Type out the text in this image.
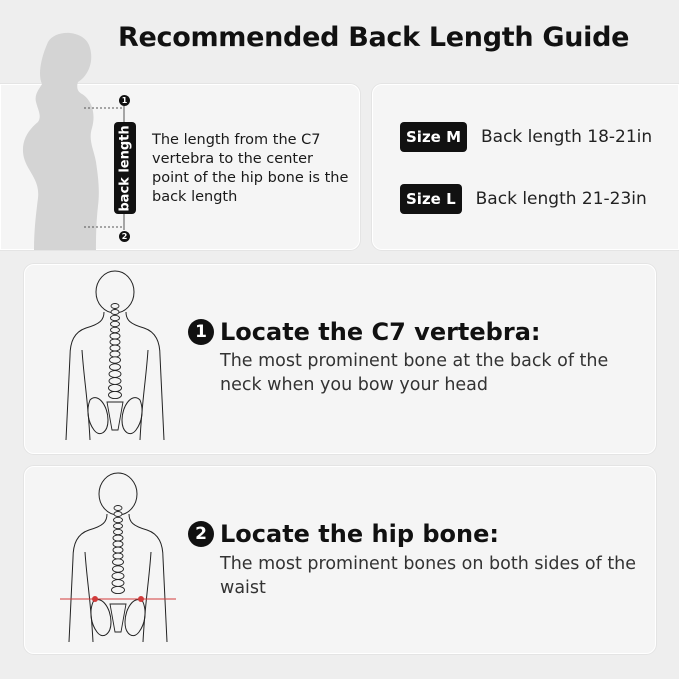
Recommended Back Length Guide
1
2
back length The length from the C7 vertebra to the center point of the hip bone is the back length
Size M	Back length 18-21in
Size L	Back length 21-23in
1 Locate the C7 vertebra:
The most prominent bone at the back of the neck when you bow your head
2 Locate the hip bone:
The most prominent bones on both sides of the waist
